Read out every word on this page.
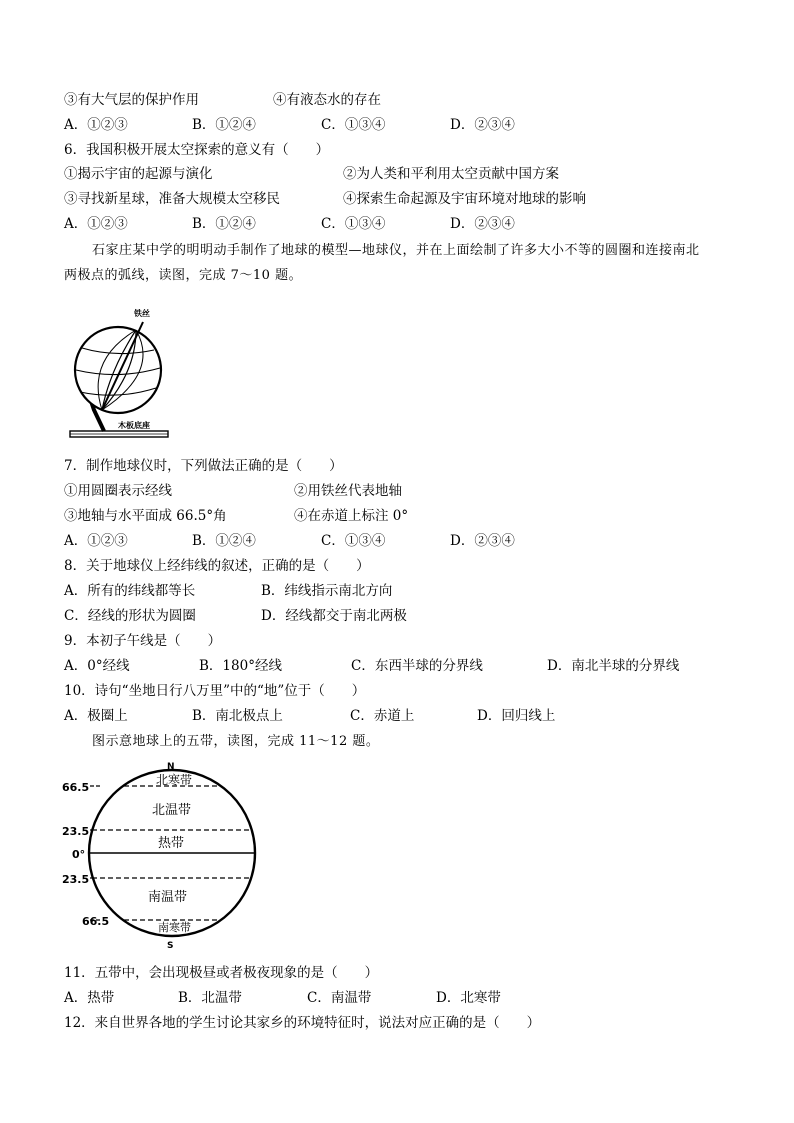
③有大气层的保护作用	④有液态水的存在
A．①②③	B．①②④	C．①③④	D．②③④
6．我国积极开展太空探索的意义有（　　）
①揭示宇宙的起源与演化	②为人类和平利用太空贡献中国方案
③寻找新星球，准备大规模太空移民	④探索生命起源及宇宙环境对地球的影响
A．①②③	B．①②④	C．①③④	D．②③④
石家庄某中学的明明动手制作了地球的模型—地球仪，并在上面绘制了许多大小不等的圆圈和连接南北
两极点的弧线，读图，完成 7～10 题。
铁丝
木板底座
7．制作地球仪时，下列做法正确的是（　　）
①用圆圈表示经线	②用铁丝代表地轴
③地轴与水平面成 66.5°角	④在赤道上标注 0°
A．①②③	B．①②④	C．①③④	D．②③④
8．关于地球仪上经纬线的叙述，正确的是（　　）
A．所有的纬线都等长	B．纬线指示南北方向
C．经线的形状为圆圈	D．经线都交于南北两极
9．本初子午线是（　　）
A．0°经线	B．180°经线	C．东西半球的分界线	D．南北半球的分界线
10．诗句“坐地日行八万里”中的“地”位于（　　）
A．极圈上	B．南北极点上	C．赤道上	D．回归线上
图示意地球上的五带，读图，完成 11～12 题。
N
S
66.5
23.5
0°
23.5
66.5
北寒带
北温带
热带
南温带
南寒带
11．五带中，会出现极昼或者极夜现象的是（　　）
A．热带	B．北温带	C．南温带	D．北寒带
12．来自世界各地的学生讨论其家乡的环境特征时，说法对应正确的是（　　）
